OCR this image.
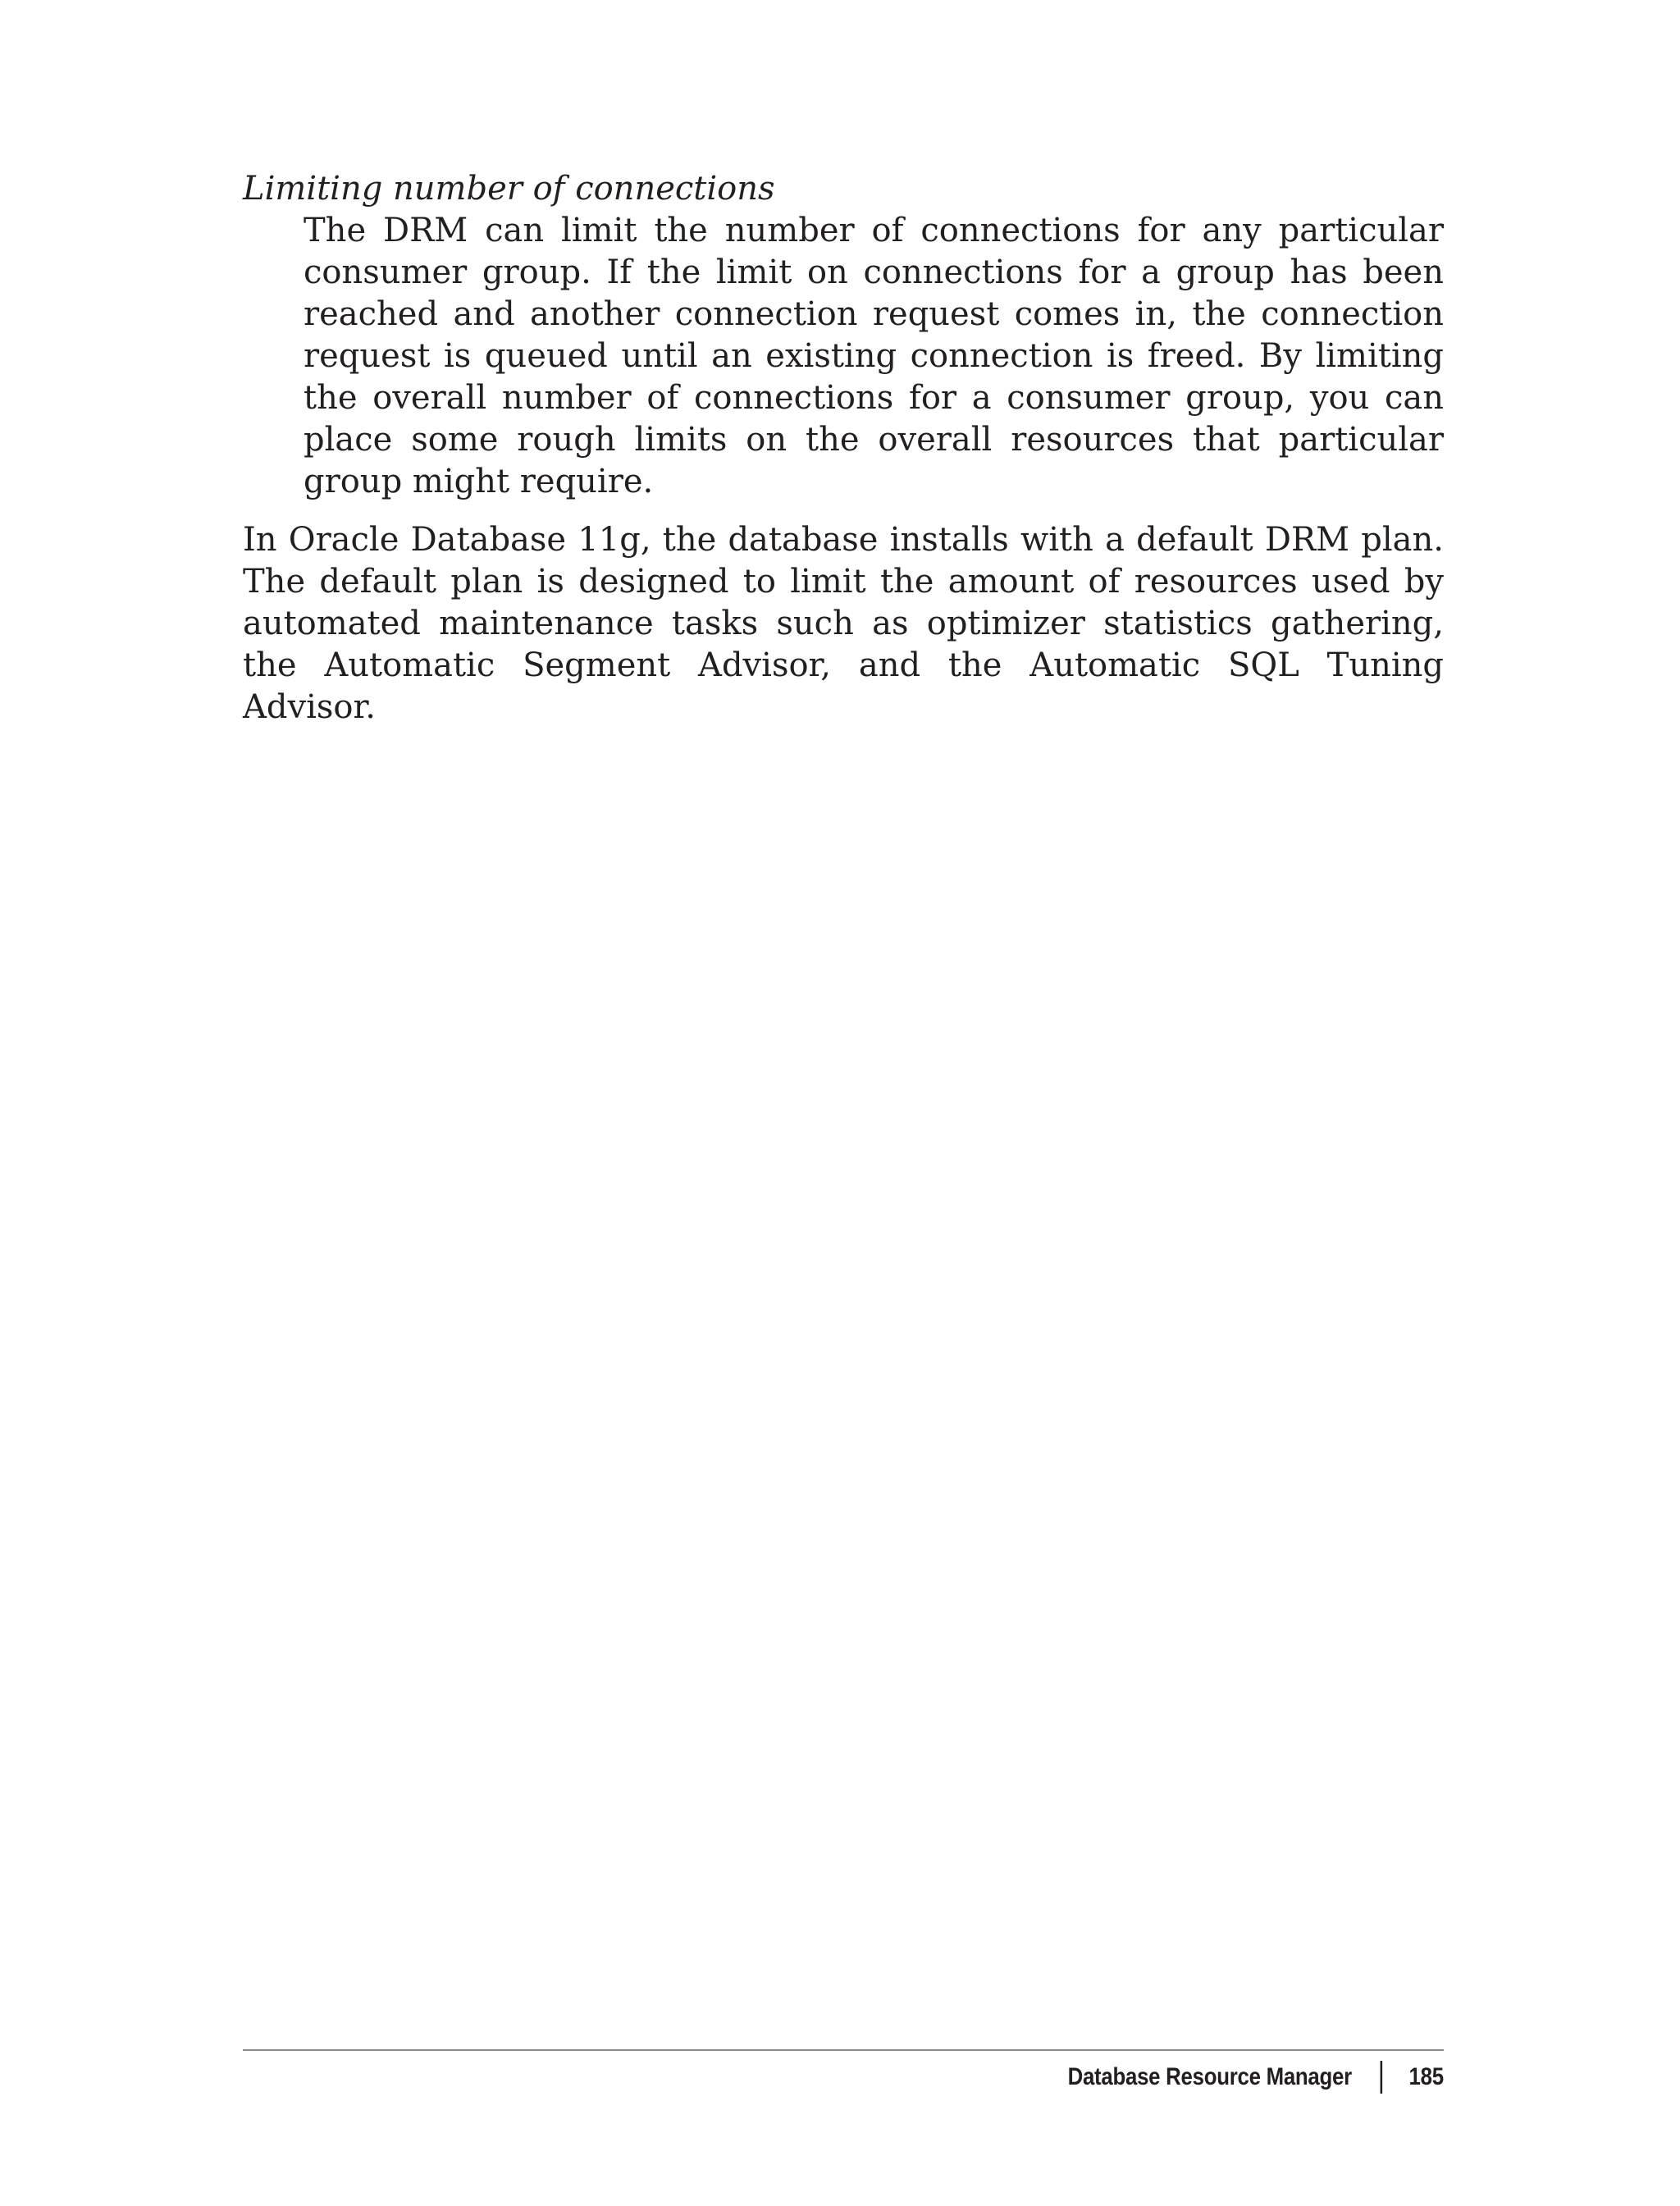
Limiting number of connections

The DRM can limit the number of connections for any particular consumer group. If the limit on connections for a group has been reached and another connection request comes in, the connection request is queued until an existing connection is freed. By limiting the overall number of connections for a consumer group, you can place some rough limits on the overall resources that particular group might require.

In Oracle Database 11g, the database installs with a default DRM plan. The default plan is designed to limit the amount of resources used by automated maintenance tasks such as optimizer statistics gathering, the Automatic Segment Advisor, and the Automatic SQL Tuning Advisor.

Database Resource Manager 185
